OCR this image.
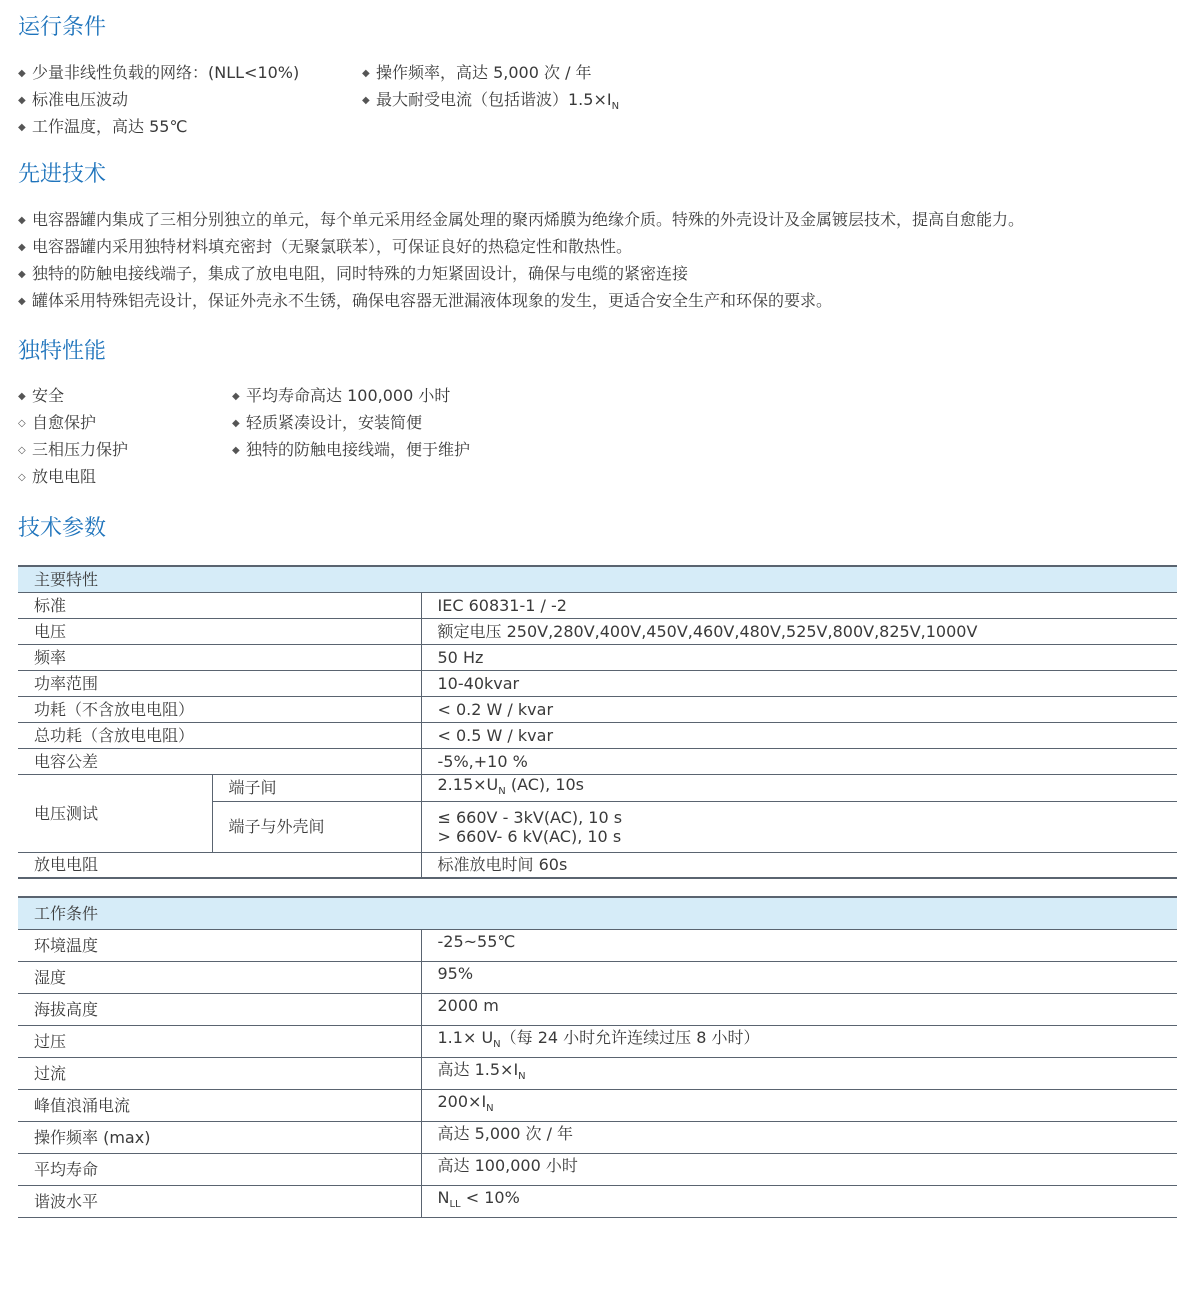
运行条件
◆ 少量非线性负载的网络：(NLL<10%)
◆ 标准电压波动
◆ 工作温度，高达 55℃
◆ 操作频率，高达 5,000 次 / 年
◆ 最大耐受电流（包括谐波）$1.5\times I_N$
先进技术
◆ 电容器罐内集成了三相分别独立的单元，每个单元采用经金属处理的聚丙烯膜为绝缘介质。特殊的外壳设计及金属镀层技术，提高自愈能力。
◆ 电容器罐内采用独特材料填充密封（无聚氯联苯），可保证良好的热稳定性和散热性。
◆ 独特的防触电接线端子，集成了放电电阻，同时特殊的力矩紧固设计，确保与电缆的紧密连接
◆ 罐体采用特殊铝壳设计，保证外壳永不生锈，确保电容器无泄漏液体现象的发生，更适合安全生产和环保的要求。
独特性能
◆ 安全
◇ 自愈保护
◇ 三相压力保护
◇ 放电电阻
◆ 平均寿命高达 100,000 小时
◆ 轻质紧凑设计，安装简便
◆ 独特的防触电接线端，便于维护
技术参数
主要特性		
标准		IEC 60831-1 / -2
电压		额定电压 250V,280V,400V,450V,460V,480V,525V,800V,825V,1000V
频率		50 Hz
功率范围		10-40kvar
功耗（不含放电电阻）		< 0.2 W / kvar
总功耗（含放电电阻）		< 0.5 W / kvar
电容公差		-5%,+10 %
电压测试	端子间	$2.15\times U_N$ (AC), 10s
	端子与外壳间	≤ 660V - 3kV(AC), 10 s
> 660V- 6 kV(AC), 10 s

放电电阻		标准放电时间 60s
工作条件	
环境温度	-25~55℃
湿度	95%
海拔高度	2000 m
过压	$1.1\times U_N$（每 24 小时允许连续过压 8 小时）
过流	高达 $1.5\times I_N$
峰值浪涌电流	$200\times I_N$
操作频率 (max)	高达 5,000 次 / 年
平均寿命	高达 100,000 小时
谐波水平	$N_{LL} < 10\%$
